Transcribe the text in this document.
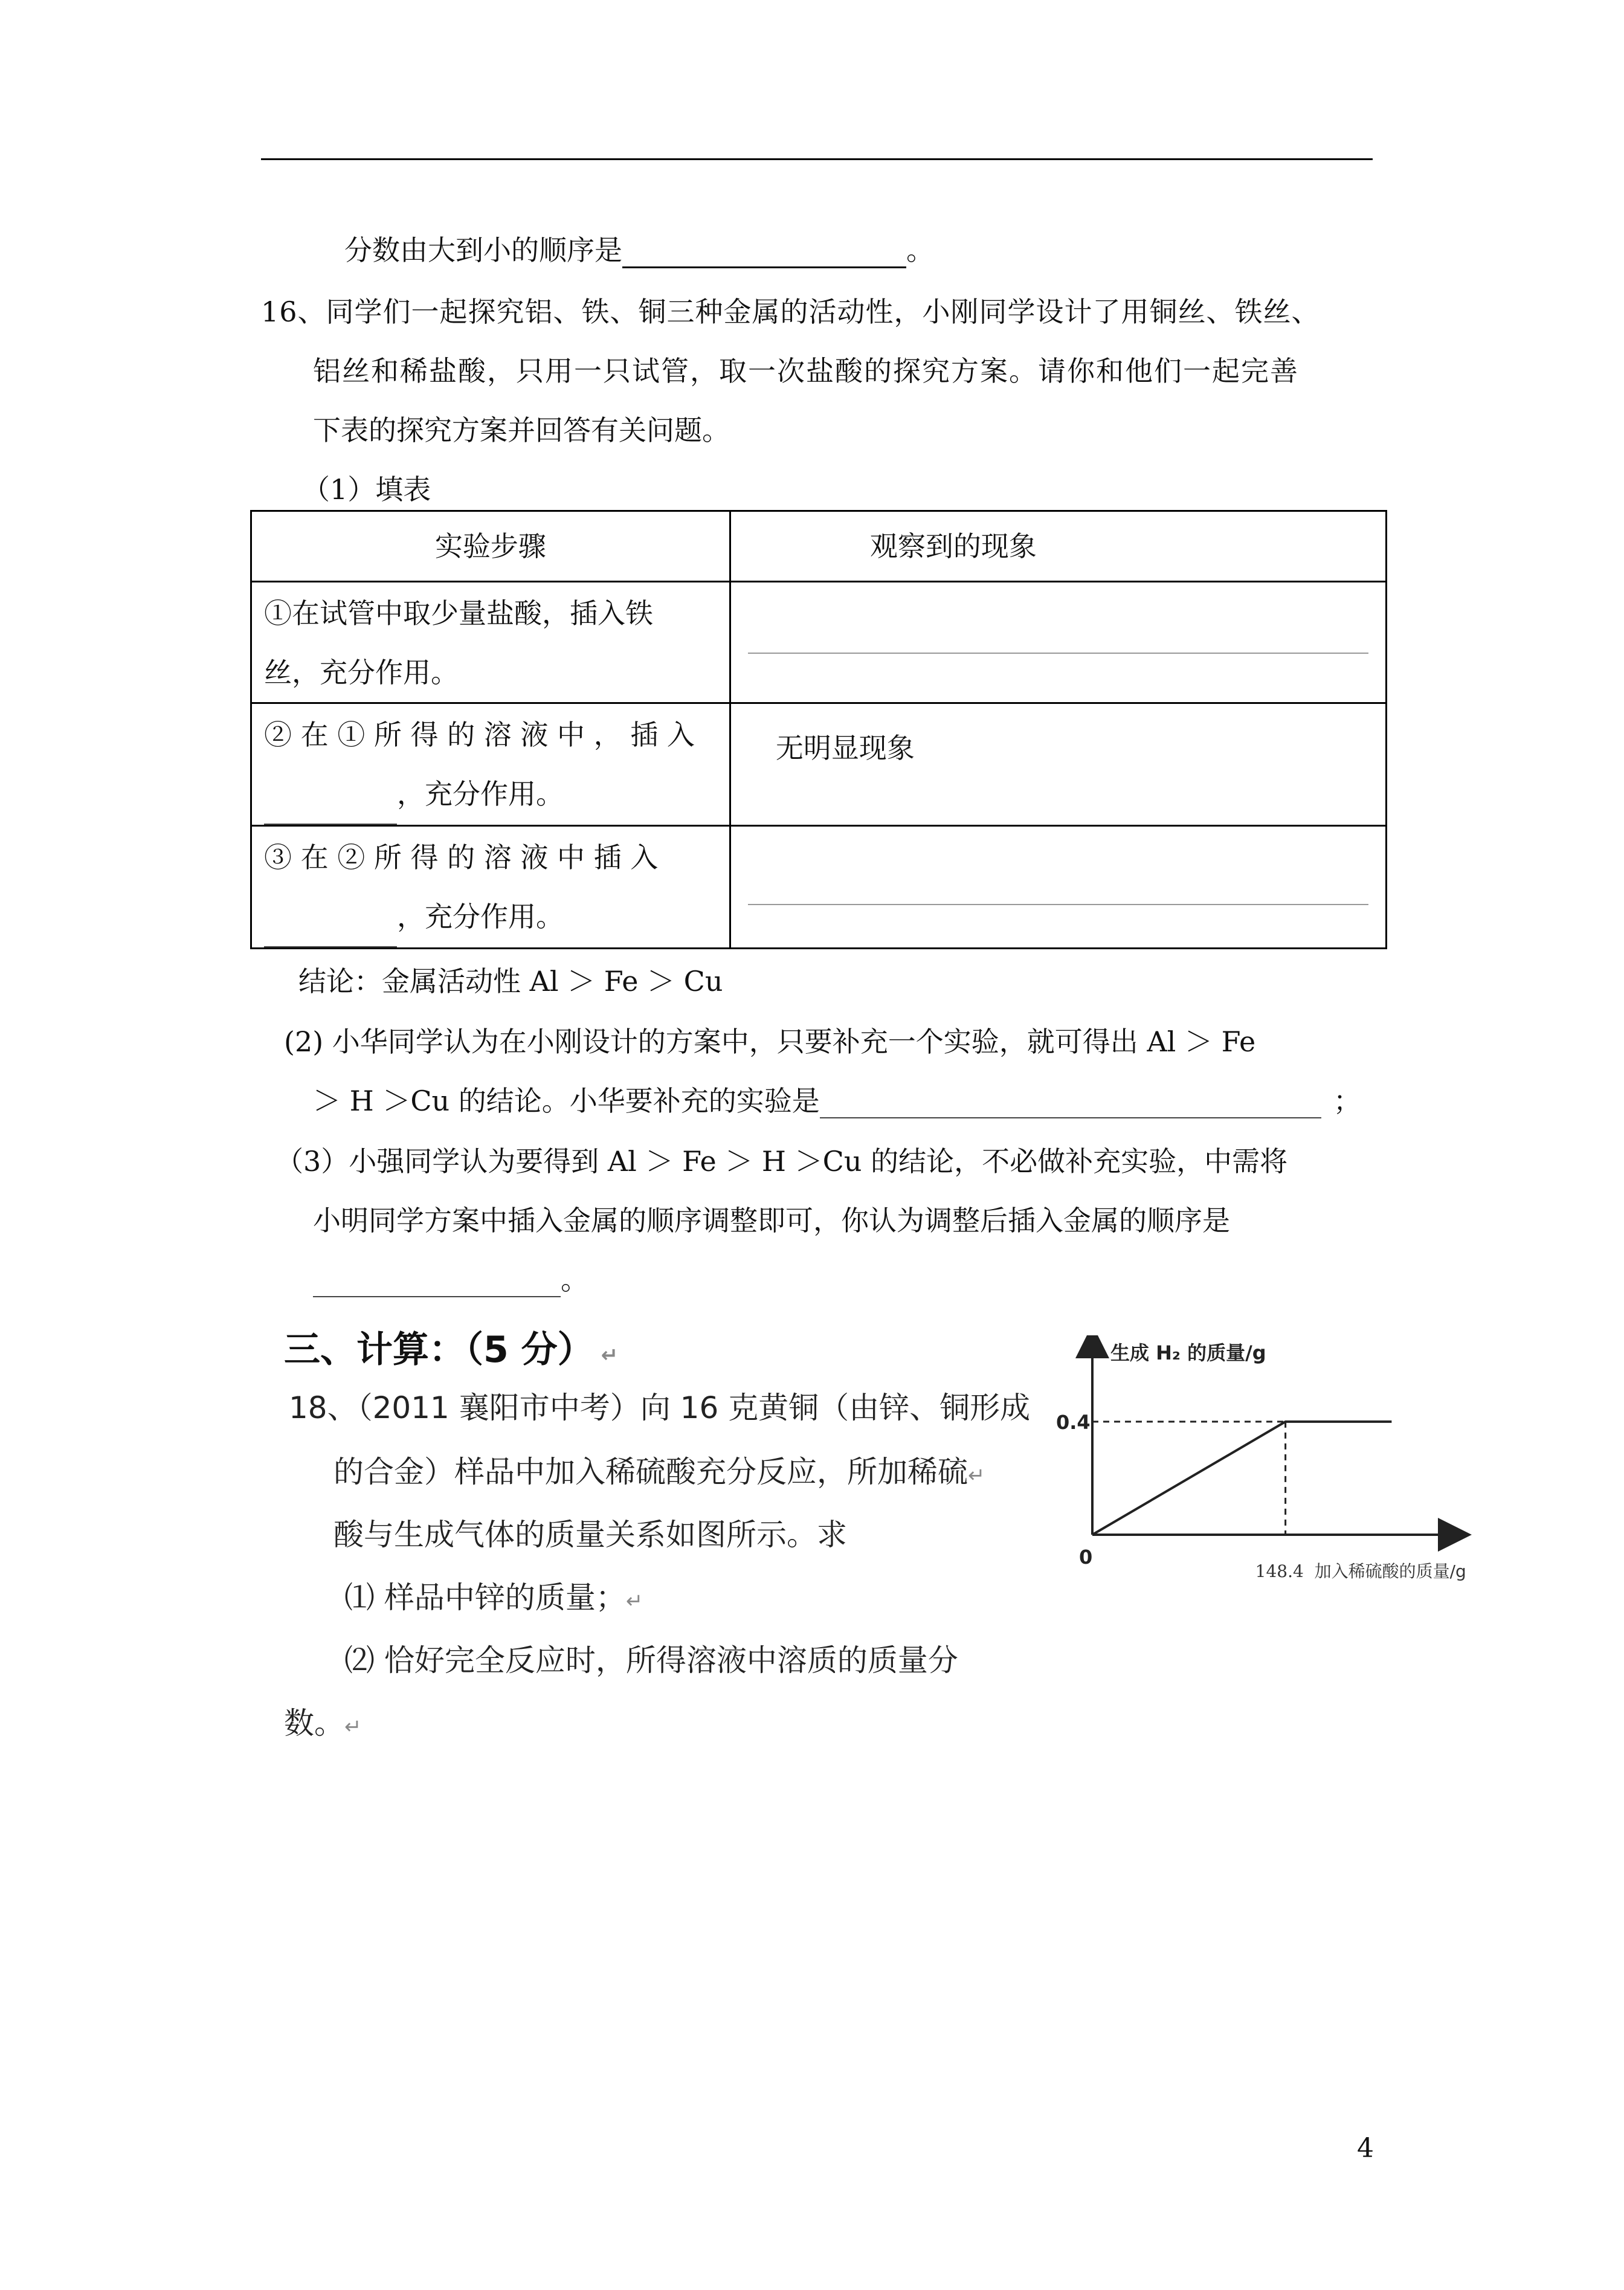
分数由大到小的顺序是	。
16、同学们一起探究铝、铁、铜三种金属的活动性，小刚同学设计了用铜丝、铁丝、
铝丝和稀盐酸，只用一只试管，取一次盐酸的探究方案。请你和他们一起完善
下表的探究方案并回答有关问题。
（1）填表
实验步骤	观察到的现象

①在试管中取少量盐酸，插入铁
丝，充分作用。	

② 在 ① 所 得 的 溶 液 中 ， 插 入
，充分作用。	无明显现象

③ 在 ② 所 得 的 溶 液 中 插 入
，充分作用。	

结论：金属活动性 Al ＞ Fe ＞ Cu
(2) 小华同学认为在小刚设计的方案中，只要补充一个实验，就可得出 Al ＞ Fe
＞ H ＞Cu 的结论。小华要补充的实验是	；
（3）小强同学认为要得到 Al ＞ Fe ＞ H ＞Cu 的结论，不必做补充实验，中需将
小明同学方案中插入金属的顺序调整即可，你认为调整后插入金属的顺序是
。
三、计算：（5 分） ↵
18、（2011 襄阳市中考）向 16 克黄铜（由锌、铜形成
的合金）样品中加入稀硫酸充分反应，所加稀硫↵
酸与生成气体的质量关系如图所示。求
⑴ 样品中锌的质量；↵
⑵ 恰好完全反应时，所得溶液中溶质的质量分
数。↵
生成 H₂ 的质量/g
0.4
0
148.4 加入稀硫酸的质量/g
4
